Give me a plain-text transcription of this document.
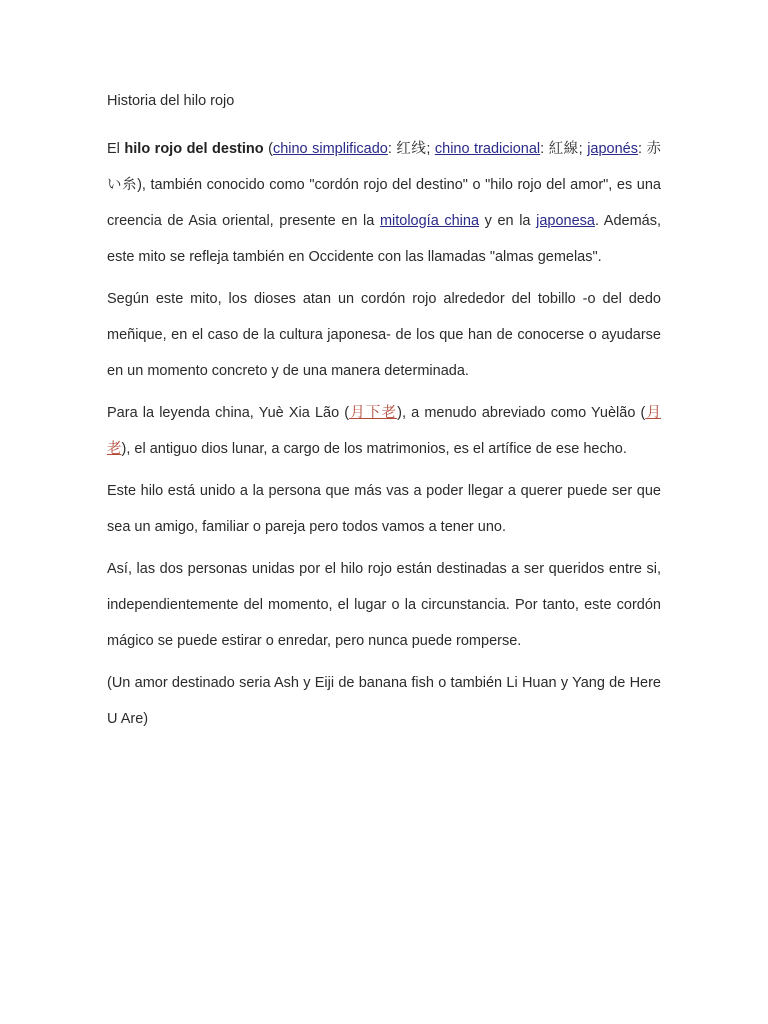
Historia del hilo rojo

El hilo rojo del destino (chino simplificado: 红线; chino tradicional: 紅線; japonés: 赤い糸), también conocido como "cordón rojo del destino" o "hilo rojo del amor", es una creencia de Asia oriental, presente en la mitología china y en la japonesa. Además, este mito se refleja también en Occidente con las llamadas "almas gemelas".

Según este mito, los dioses atan un cordón rojo alrededor del tobillo -o del dedo meñique, en el caso de la cultura japonesa- de los que han de conocerse o ayudarse en un momento concreto y de una manera determinada.

Para la leyenda china, Yuè Xia Lão (月下老), a menudo abreviado como Yuèlão (月老), el antiguo dios lunar, a cargo de los matrimonios, es el artífice de ese hecho.

Este hilo está unido a la persona que más vas a poder llegar a querer puede ser que sea un amigo, familiar o pareja pero todos vamos a tener uno.

Así, las dos personas unidas por el hilo rojo están destinadas a ser queridos entre si, independientemente del momento, el lugar o la circunstancia. Por tanto, este cordón mágico se puede estirar o enredar, pero nunca puede romperse.

(Un amor destinado seria Ash y Eiji de banana fish o también Li Huan y Yang de Here U Are)
